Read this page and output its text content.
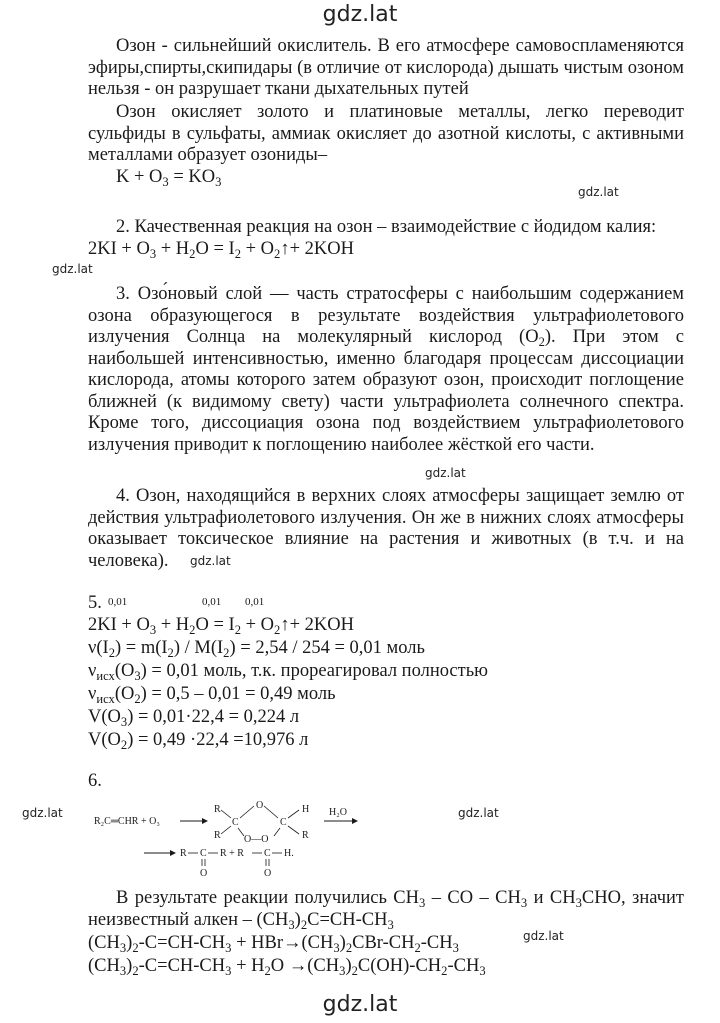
gdz.lat

Озон - сильнейший окислитель. В его атмосфере самовоспламеняются эфиры,спирты,скипидары (в отличие от кислорода) дышать чистым озоном нельзя - он разрушает ткани дыхательных путей

Озон окисляет золото и платиновые металлы, легко переводит сульфиды в сульфаты, аммиак окисляет до азотной кислоты, с активными металлами образует озониды–

$K + O_3 = KO_3$
gdz.lat
2. Качественная реакция на озон – взаимодействие с йодидом калия:
$2KI + O_3 + H_2O = I_2$ + $O_2↑+ 2KOH$
gdz.lat

3. Озо́новый слой — часть стратосферы с наибольшим содержанием озона образующегося в результате воздействия ультрафиолетового излучения Солнца на молекулярный кислород $(O_2)$. При этом с наибольшей интенсивностью, именно благодаря процессам диссоциации кислорода, атомы которого затем образуют озон, происходит поглощение ближней (к видимому свету) части ультрафиолета солнечного спектра. Кроме того, диссоциация озона под воздействием ультрафиолетового излучения приводит к поглощению наиболее жёсткой его части.

gdz.lat

4. Озон, находящийся в верхних слоях атмосферы защищает землю от действия ультрафиолетового излучения. Он же в нижних слоях атмосферы оказывает токсическое влияние на растения и животных (в т.ч. и на человека).	gdz.lat
5. 0,01	0,01 0,01
$2KI + O_3 + H_2O = I_2$ + $O_2↑+ 2KOH$
$\nu(I_2) = m(I_2) / M(I_2) = 2,54 / 254 = 0,01$ моль
$\nu_{исх}(O_3) = 0,01$ моль, т.к. прореагировал полностью
$\nu_{исх}(O_2) = 0,5 - 0,01 = 0,49$ моль
$V(O_3) = 0,01\cdot 22,4 = 0,224$ л
$V(O_2) = 0,49 \cdot 22,4 =10,976$ л
6.
gdz.lat	gdz.lat
R₂C═CHR + O₃
R
R
C
O
O—O
C
H
R
H₂O
R C R + R C H.
O	O

В результате реакции получились $CH_3$ – CO – $CH_3$ и $CH_3CHO$, значит неизвестный алкен – $(CH_3)_2C=CH-CH_3$

gdz.lat
$(CH_3)_2-C=CH-CH_3 + HBr\to(CH_3)_2CBr-CH_2-CH_3$
$(CH_3)_2-C=CH-CH_3 + H_2O \to(CH_3)_2C(OH)-CH_2-CH_3$
gdz.lat
